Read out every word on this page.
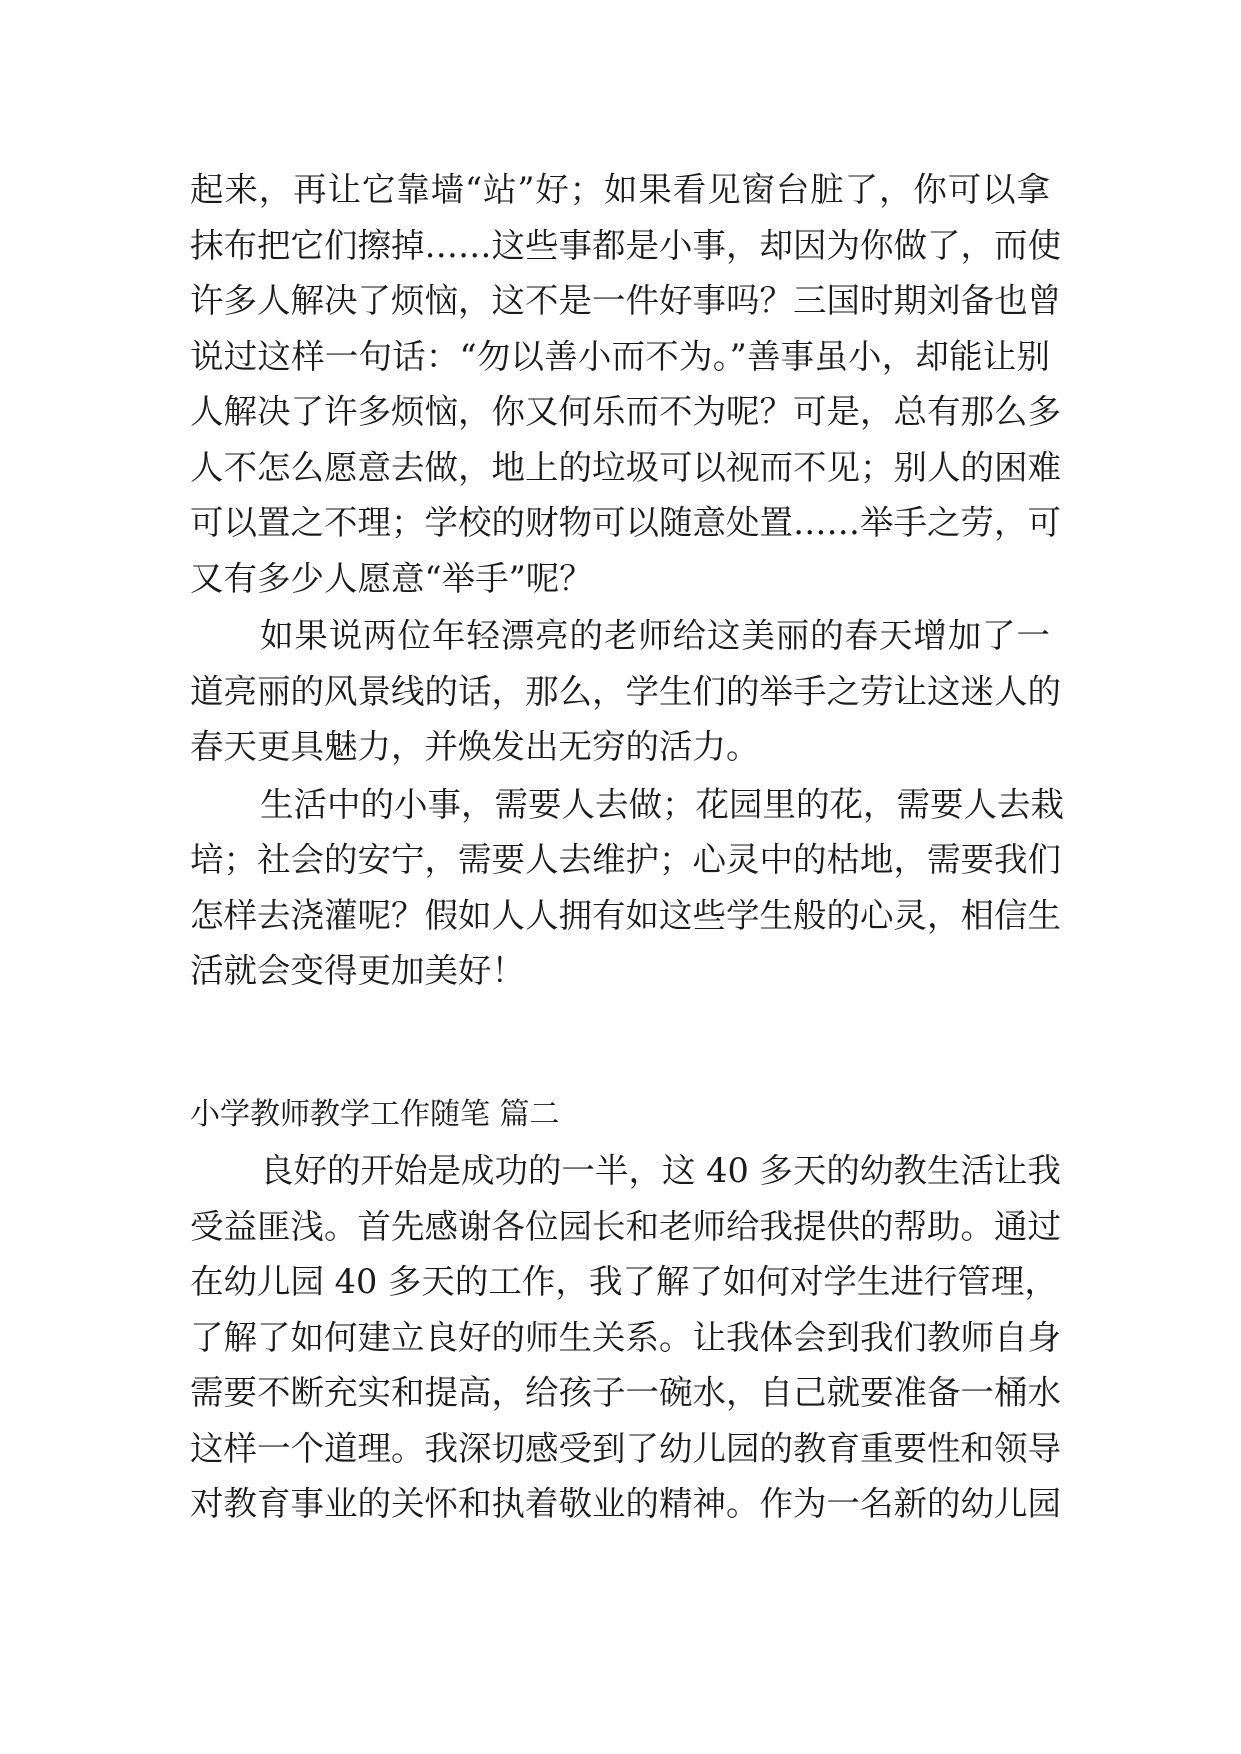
起来，再让它靠墙“站”好；如果看见窗台脏了，你可以拿
抹布把它们擦掉……这些事都是小事，却因为你做了，而使
许多人解决了烦恼，这不是一件好事吗？三国时期刘备也曾
说过这样一句话：“勿以善小而不为。”善事虽小，却能让别
人解决了许多烦恼，你又何乐而不为呢？可是，总有那么多
人不怎么愿意去做，地上的垃圾可以视而不见；别人的困难
可以置之不理；学校的财物可以随意处置……举手之劳，可
又有多少人愿意“举手”呢？
如果说两位年轻漂亮的老师给这美丽的春天增加了一
道亮丽的风景线的话，那么，学生们的举手之劳让这迷人的
春天更具魅力，并焕发出无穷的活力。
生活中的小事，需要人去做；花园里的花，需要人去栽
培；社会的安宁，需要人去维护；心灵中的枯地，需要我们
怎样去浇灌呢？假如人人拥有如这些学生般的心灵，相信生
活就会变得更加美好！
小学教师教学工作随笔 篇二
良好的开始是成功的一半，这 40 多天的幼教生活让我
受益匪浅。首先感谢各位园长和老师给我提供的帮助。通过
在幼儿园 40 多天的工作，我了解了如何对学生进行管理，
了解了如何建立良好的师生关系。让我体会到我们教师自身
需要不断充实和提高，给孩子一碗水，自己就要准备一桶水
这样一个道理。我深切感受到了幼儿园的教育重要性和领导
对教育事业的关怀和执着敬业的精神。作为一名新的幼儿园
